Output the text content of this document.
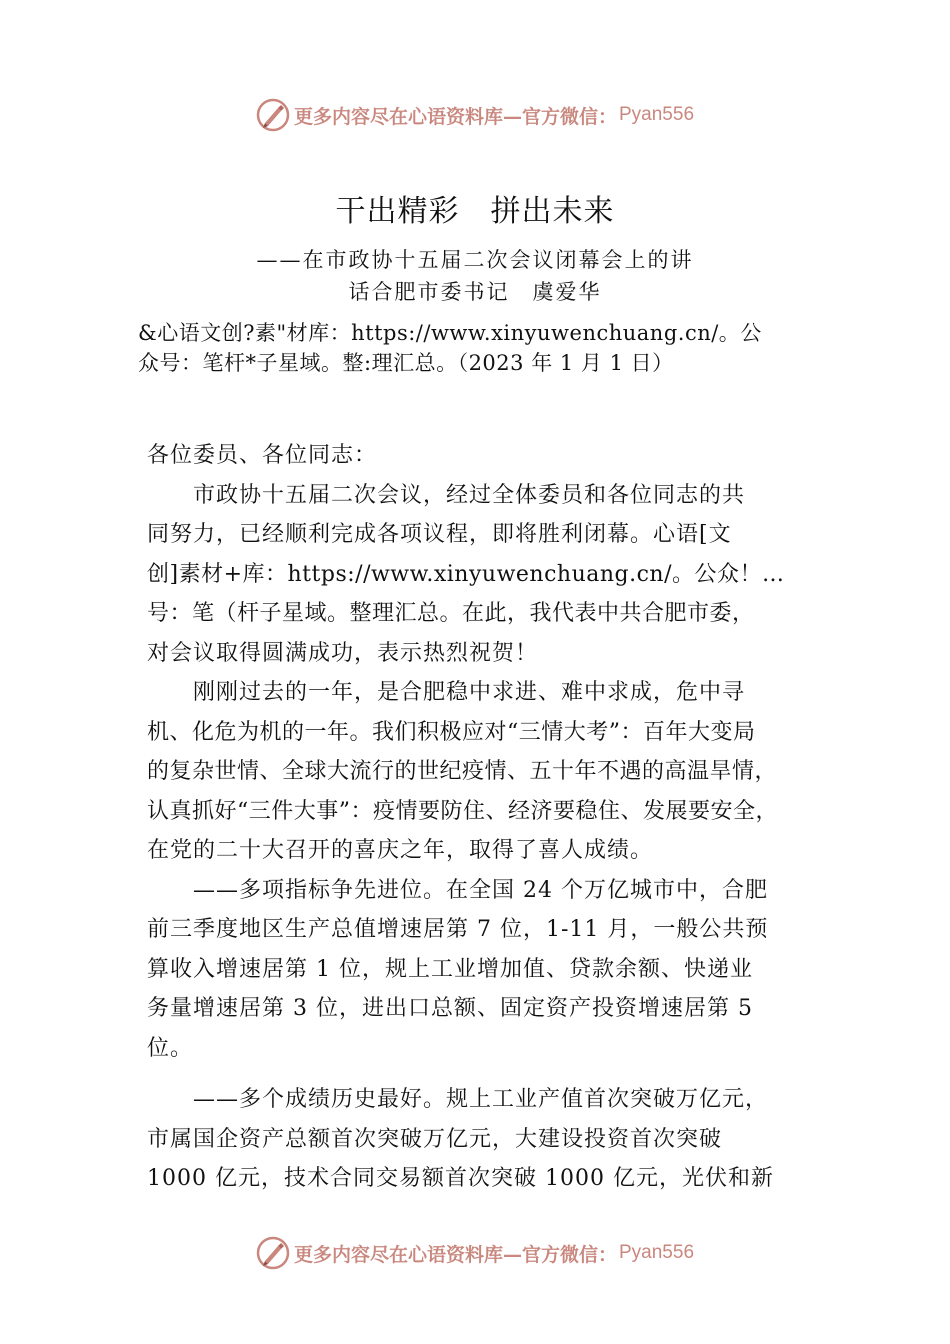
更多内容尽在心语资料库—官方微信： Pyan556
干出精彩　拼出未来
——在市政协十五届二次会议闭幕会上的讲
话合肥市委书记　虞爱华
&心语文创?素"材库：https://www.xinyuwenchuang.cn/。公
众号：笔杆*子星域。整:理汇总。（2023 年 1 月 1 日）
各位委员、各位同志：
　　市政协十五届二次会议，经过全体委员和各位同志的共
同努力，已经顺利完成各项议程，即将胜利闭幕。心语[文
创]素材+库：https://www.xinyuwenchuang.cn/。公众！…
号：笔（杆子星域。整理汇总。在此，我代表中共合肥市委，
对会议取得圆满成功，表示热烈祝贺！
　　刚刚过去的一年，是合肥稳中求进、难中求成，危中寻
机、化危为机的一年。我们积极应对“三情大考”：百年大变局
的复杂世情、全球大流行的世纪疫情、五十年不遇的高温旱情，
认真抓好“三件大事”：疫情要防住、经济要稳住、发展要安全，
在党的二十大召开的喜庆之年，取得了喜人成绩。
　　——多项指标争先进位。在全国 24 个万亿城市中，合肥
前三季度地区生产总值增速居第 7 位，1-11 月，一般公共预
算收入增速居第 1 位，规上工业增加值、贷款余额、快递业
务量增速居第 3 位，进出口总额、固定资产投资增速居第 5
位。
　　——多个成绩历史最好。规上工业产值首次突破万亿元，
市属国企资产总额首次突破万亿元，大建设投资首次突破
1000 亿元，技术合同交易额首次突破 1000 亿元，光伏和新
更多内容尽在心语资料库—官方微信： Pyan556
